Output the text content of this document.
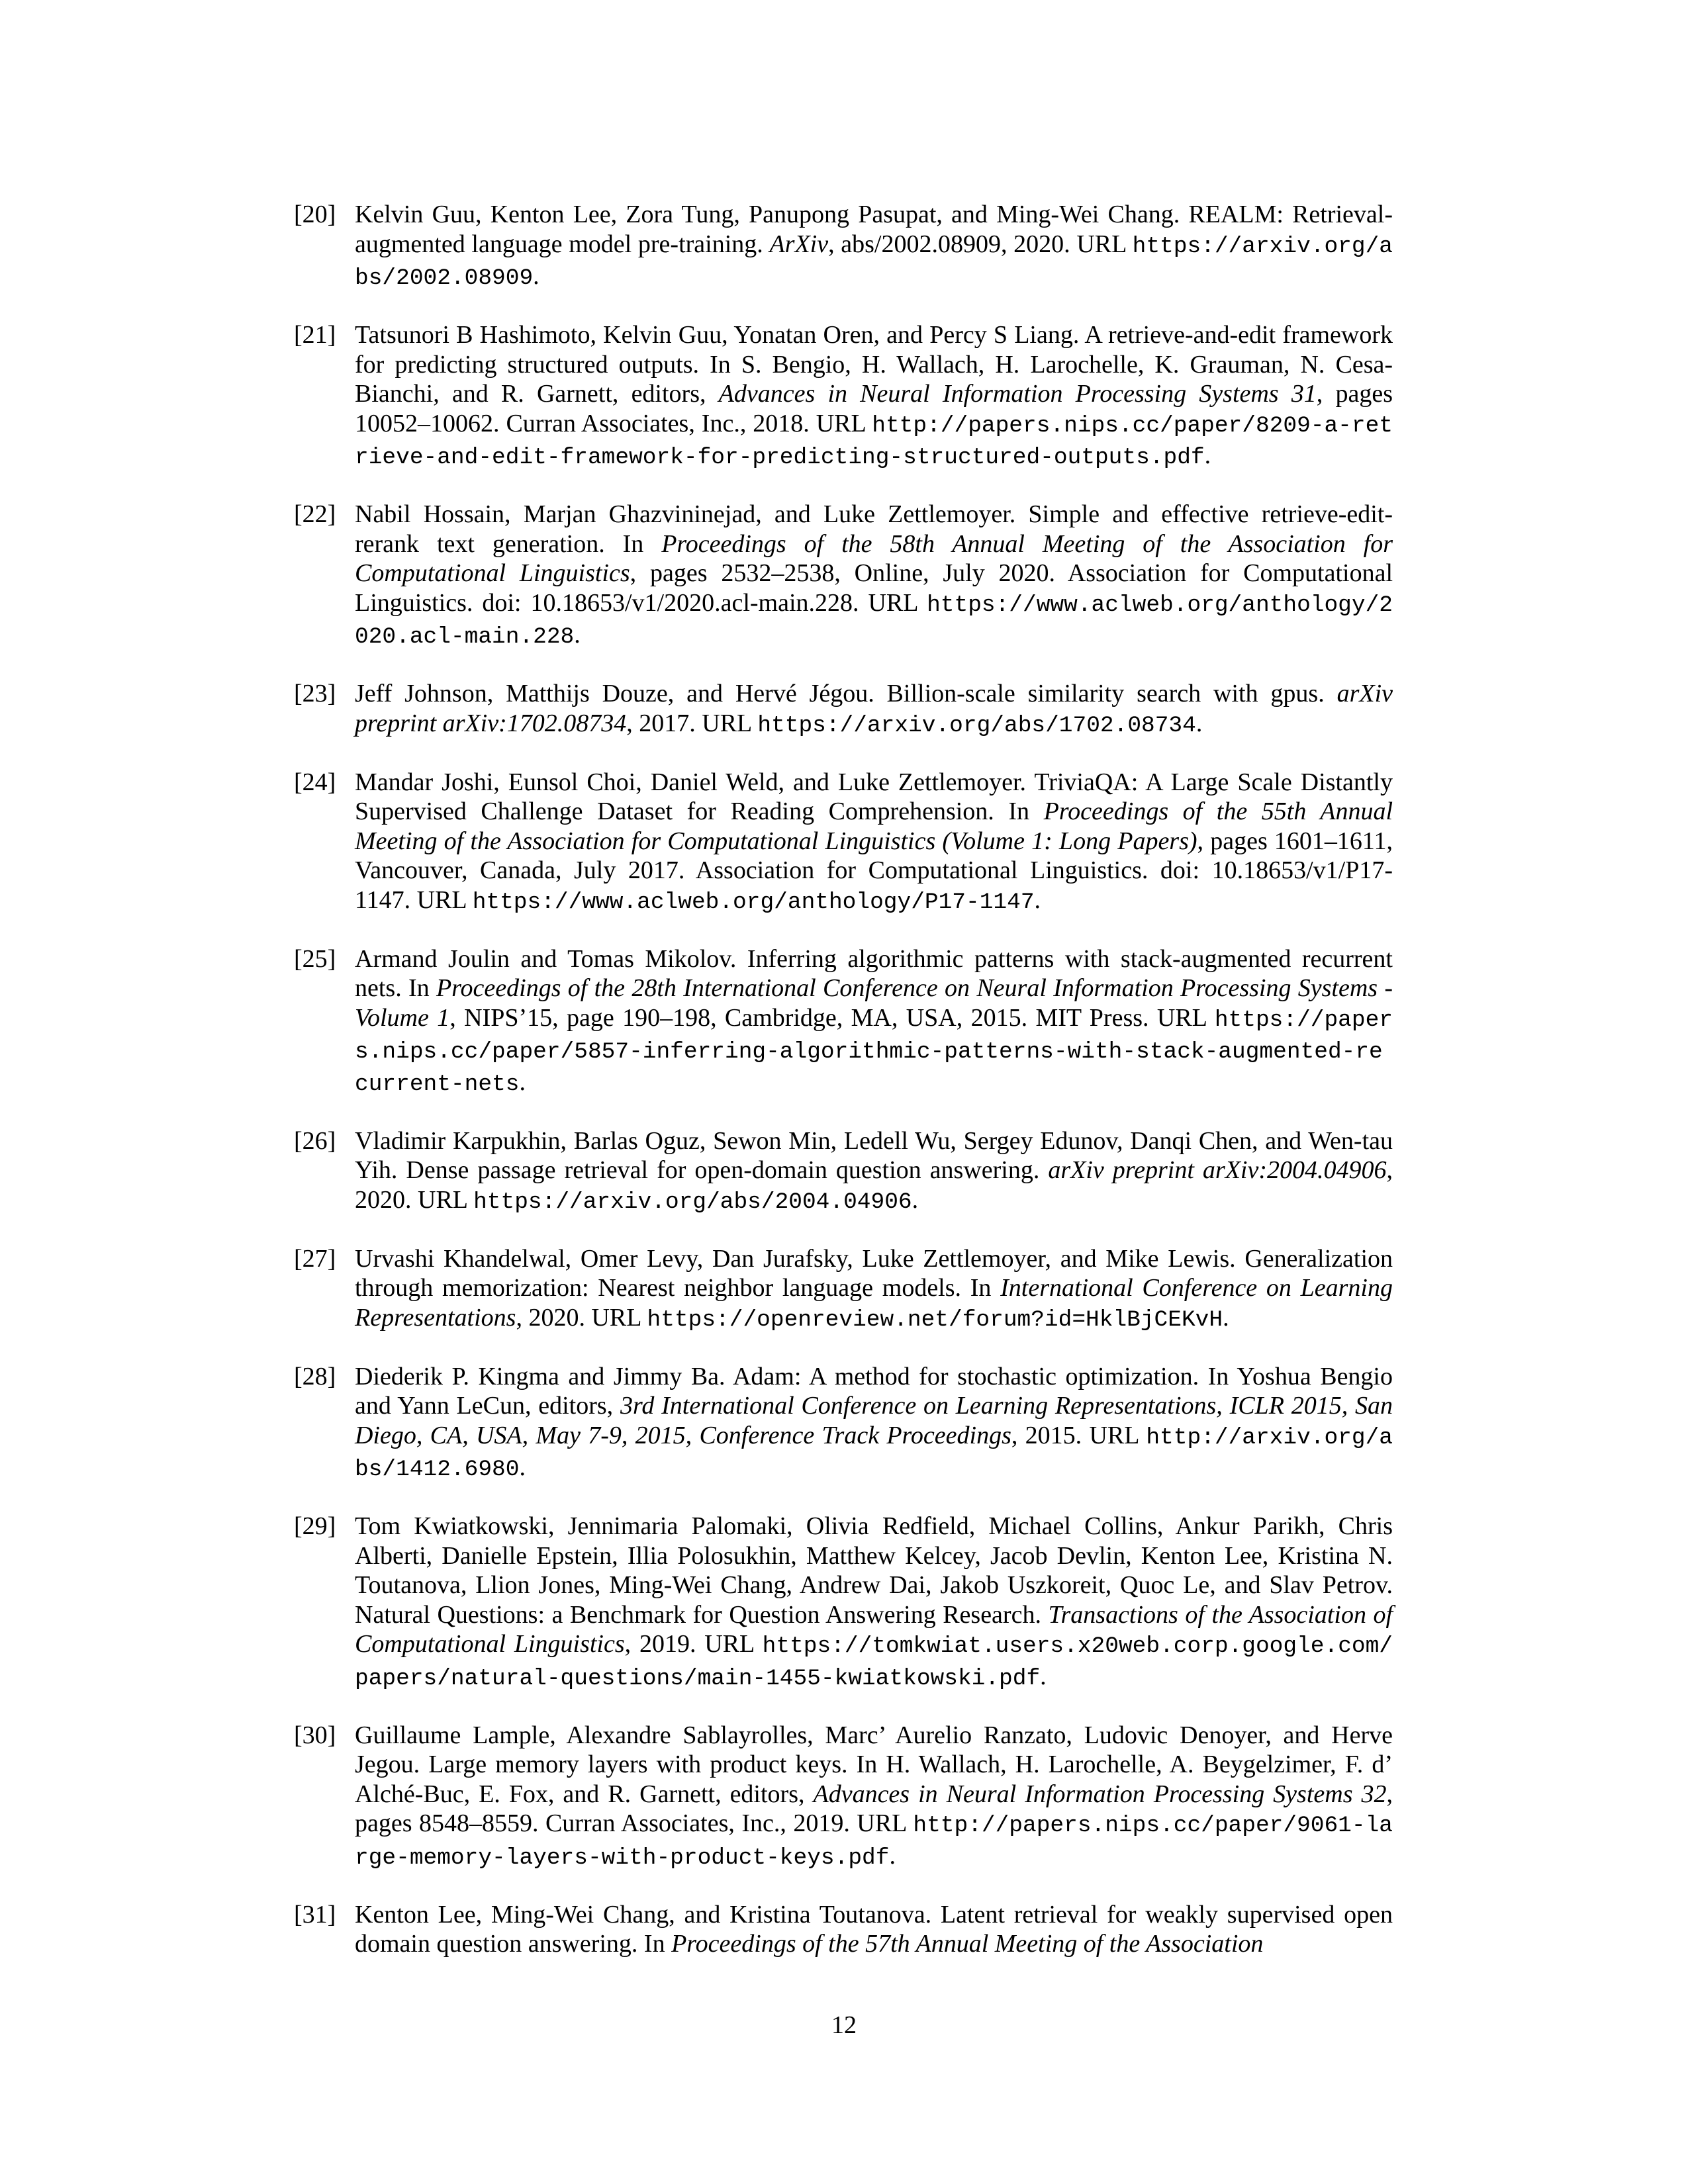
[20] Kelvin Guu, Kenton Lee, Zora Tung, Panupong Pasupat, and Ming-Wei Chang. REALM: Retrieval-augmented language model pre-training. ArXiv, abs/2002.08909, 2020. URL https://arxiv.org/abs/2002.08909.
[21] Tatsunori B Hashimoto, Kelvin Guu, Yonatan Oren, and Percy S Liang. A retrieve-and-edit framework for predicting structured outputs. In S. Bengio, H. Wallach, H. Larochelle, K. Grauman, N. Cesa-Bianchi, and R. Garnett, editors, Advances in Neural Information Processing Systems 31, pages 10052–10062. Curran Associates, Inc., 2018. URL http://papers.nips.cc/paper/8209-a-retrieve-and-edit-framework-for-predicting-structured-outputs.pdf.
[22] Nabil Hossain, Marjan Ghazvininejad, and Luke Zettlemoyer. Simple and effective retrieve-edit-rerank text generation. In Proceedings of the 58th Annual Meeting of the Association for Computational Linguistics, pages 2532–2538, Online, July 2020. Association for Computational Linguistics. doi: 10.18653/v1/2020.acl-main.228. URL https://www.aclweb.org/anthology/2020.acl-main.228.
[23] Jeff Johnson, Matthijs Douze, and Hervé Jégou. Billion-scale similarity search with gpus. arXiv preprint arXiv:1702.08734, 2017. URL https://arxiv.org/abs/1702.08734.
[24] Mandar Joshi, Eunsol Choi, Daniel Weld, and Luke Zettlemoyer. TriviaQA: A Large Scale Distantly Supervised Challenge Dataset for Reading Comprehension. In Proceedings of the 55th Annual Meeting of the Association for Computational Linguistics (Volume 1: Long Papers), pages 1601–1611, Vancouver, Canada, July 2017. Association for Computational Linguistics. doi: 10.18653/v1/P17-1147. URL https://www.aclweb.org/anthology/P17-1147.
[25] Armand Joulin and Tomas Mikolov. Inferring algorithmic patterns with stack-augmented recurrent nets. In Proceedings of the 28th International Conference on Neural Information Processing Systems - Volume 1, NIPS’15, page 190–198, Cambridge, MA, USA, 2015. MIT Press. URL https://papers.nips.cc/paper/5857-inferring-algorithmic-patterns-with-stack-augmented-recurrent-nets.
[26] Vladimir Karpukhin, Barlas Oguz, Sewon Min, Ledell Wu, Sergey Edunov, Danqi Chen, and Wen-tau Yih. Dense passage retrieval for open-domain question answering. arXiv preprint arXiv:2004.04906, 2020. URL https://arxiv.org/abs/2004.04906.
[27] Urvashi Khandelwal, Omer Levy, Dan Jurafsky, Luke Zettlemoyer, and Mike Lewis. Generalization through memorization: Nearest neighbor language models. In International Conference on Learning Representations, 2020. URL https://openreview.net/forum?id=HklBjCEKvH.
[28] Diederik P. Kingma and Jimmy Ba. Adam: A method for stochastic optimization. In Yoshua Bengio and Yann LeCun, editors, 3rd International Conference on Learning Representations, ICLR 2015, San Diego, CA, USA, May 7-9, 2015, Conference Track Proceedings, 2015. URL http://arxiv.org/abs/1412.6980.
[29] Tom Kwiatkowski, Jennimaria Palomaki, Olivia Redfield, Michael Collins, Ankur Parikh, Chris Alberti, Danielle Epstein, Illia Polosukhin, Matthew Kelcey, Jacob Devlin, Kenton Lee, Kristina N. Toutanova, Llion Jones, Ming-Wei Chang, Andrew Dai, Jakob Uszkoreit, Quoc Le, and Slav Petrov. Natural Questions: a Benchmark for Question Answering Research. Transactions of the Association of Computational Linguistics, 2019. URL https://tomkwiat.users.x20web.corp.google.com/papers/natural-questions/main-1455-kwiatkowski.pdf.
[30] Guillaume Lample, Alexandre Sablayrolles, Marc’ Aurelio Ranzato, Ludovic Denoyer, and Herve Jegou. Large memory layers with product keys. In H. Wallach, H. Larochelle, A. Beygelzimer, F. d’ Alché-Buc, E. Fox, and R. Garnett, editors, Advances in Neural Information Processing Systems 32, pages 8548–8559. Curran Associates, Inc., 2019. URL http://papers.nips.cc/paper/9061-large-memory-layers-with-product-keys.pdf.
[31] Kenton Lee, Ming-Wei Chang, and Kristina Toutanova. Latent retrieval for weakly supervised open domain question answering. In Proceedings of the 57th Annual Meeting of the Association
12
